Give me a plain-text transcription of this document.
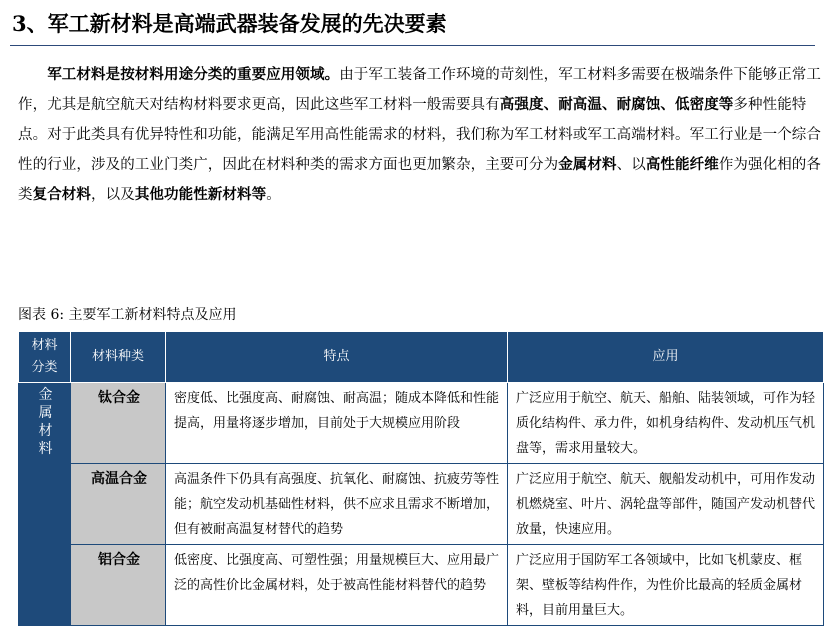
3、军工新材料是高端武器装备发展的先决要素
　　军工材料是按材料用途分类的重要应用领域。由于军工装备工作环境的苛刻性，军工材料多需要在极端条件下能够正常工作，尤其是航空航天对结构材料要求更高，因此这些军工材料一般需要具有高强度、耐高温、耐腐蚀、低密度等多种性能特点。对于此类具有优异特性和功能，能满足军用高性能需求的材料，我们称为军工材料或军工高端材料。军工行业是一个综合性的行业，涉及的工业门类广，因此在材料种类的需求方面也更加繁杂，主要可分为金属材料、以高性能纤维作为强化相的各类复合材料，以及其他功能性新材料等。
图表 6: 主要军工新材料特点及应用
材料分类	材料种类	特点	应用
金属材料	钛合金	密度低、比强度高、耐腐蚀、耐高温；随成本降低和性能提高，用量将逐步增加，目前处于大规模应用阶段	广泛应用于航空、航天、船舶、陆装领域，可作为轻质化结构件、承力件，如机身结构件、发动机压气机盘等，需求用量较大。
	高温合金	高温条件下仍具有高强度、抗氧化、耐腐蚀、抗疲劳等性能；航空发动机基础性材料，供不应求且需求不断增加，但有被耐高温复材替代的趋势	广泛应用于航空、航天、舰船发动机中，可用作发动机燃烧室、叶片、涡轮盘等部件，随国产发动机替代放量，快速应用。
	铝合金	低密度、比强度高、可塑性强；用量规模巨大、应用最广泛的高性价比金属材料，处于被高性能材料替代的趋势	广泛应用于国防军工各领域中，比如飞机蒙皮、框架、壁板等结构件作，为性价比最高的轻质金属材料，目前用量巨大。
